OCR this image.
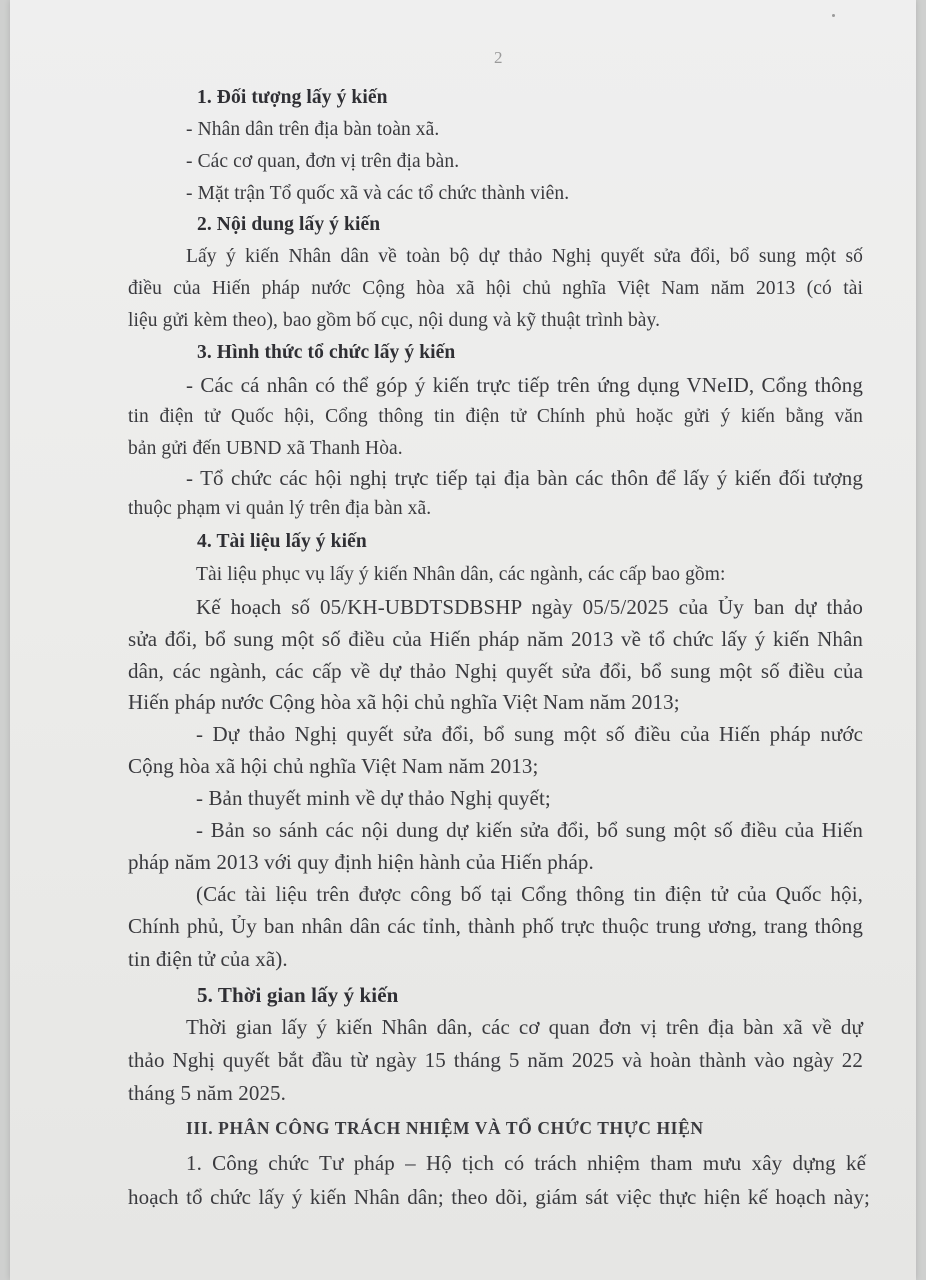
2
1. Đối tượng lấy ý kiến
- Nhân dân trên địa bàn toàn xã.
- Các cơ quan, đơn vị trên địa bàn.
- Mặt trận Tổ quốc xã và các tổ chức thành viên.
2. Nội dung lấy ý kiến
Lấy ý kiến Nhân dân về toàn bộ dự thảo Nghị quyết sửa đổi, bổ sung một số
điều của Hiến pháp nước Cộng hòa xã hội chủ nghĩa Việt Nam năm 2013 (có tài
liệu gửi kèm theo), bao gồm bố cục, nội dung và kỹ thuật trình bày.
3. Hình thức tổ chức lấy ý kiến
- Các cá nhân có thể góp ý kiến trực tiếp trên ứng dụng VNeID, Cổng thông
tin điện tử Quốc hội, Cổng thông tin điện tử Chính phủ hoặc gửi ý kiến bằng văn
bản gửi đến UBND xã Thanh Hòa.
- Tổ chức các hội nghị trực tiếp tại địa bàn các thôn để lấy ý kiến đối tượng
thuộc phạm vi quản lý trên địa bàn xã.
4. Tài liệu lấy ý kiến
Tài liệu phục vụ lấy ý kiến Nhân dân, các ngành, các cấp bao gồm:
Kế hoạch số 05/KH-UBDTSDBSHP ngày 05/5/2025 của Ủy ban dự thảo
sửa đổi, bổ sung một số điều của Hiến pháp năm 2013 về tổ chức lấy ý kiến Nhân
dân, các ngành, các cấp về dự thảo Nghị quyết sửa đổi, bổ sung một số điều của
Hiến pháp nước Cộng hòa xã hội chủ nghĩa Việt Nam năm 2013;
- Dự thảo Nghị quyết sửa đổi, bổ sung một số điều của Hiến pháp nước
Cộng hòa xã hội chủ nghĩa Việt Nam năm 2013;
- Bản thuyết minh về dự thảo Nghị quyết;
- Bản so sánh các nội dung dự kiến sửa đổi, bổ sung một số điều của Hiến
pháp năm 2013 với quy định hiện hành của Hiến pháp.
(Các tài liệu trên được công bố tại Cổng thông tin điện tử của Quốc hội,
Chính phủ, Ủy ban nhân dân các tỉnh, thành phố trực thuộc trung ương, trang thông
tin điện tử của xã).
5. Thời gian lấy ý kiến
Thời gian lấy ý kiến Nhân dân, các cơ quan đơn vị trên địa bàn xã về dự
thảo Nghị quyết bắt đầu từ ngày 15 tháng 5 năm 2025 và hoàn thành vào ngày 22
tháng 5 năm 2025.
III. PHÂN CÔNG TRÁCH NHIỆM VÀ TỔ CHỨC THỰC HIỆN
1. Công chức Tư pháp – Hộ tịch có trách nhiệm tham mưu xây dựng kế
hoạch tổ chức lấy ý kiến Nhân dân; theo dõi, giám sát việc thực hiện kế hoạch này;
